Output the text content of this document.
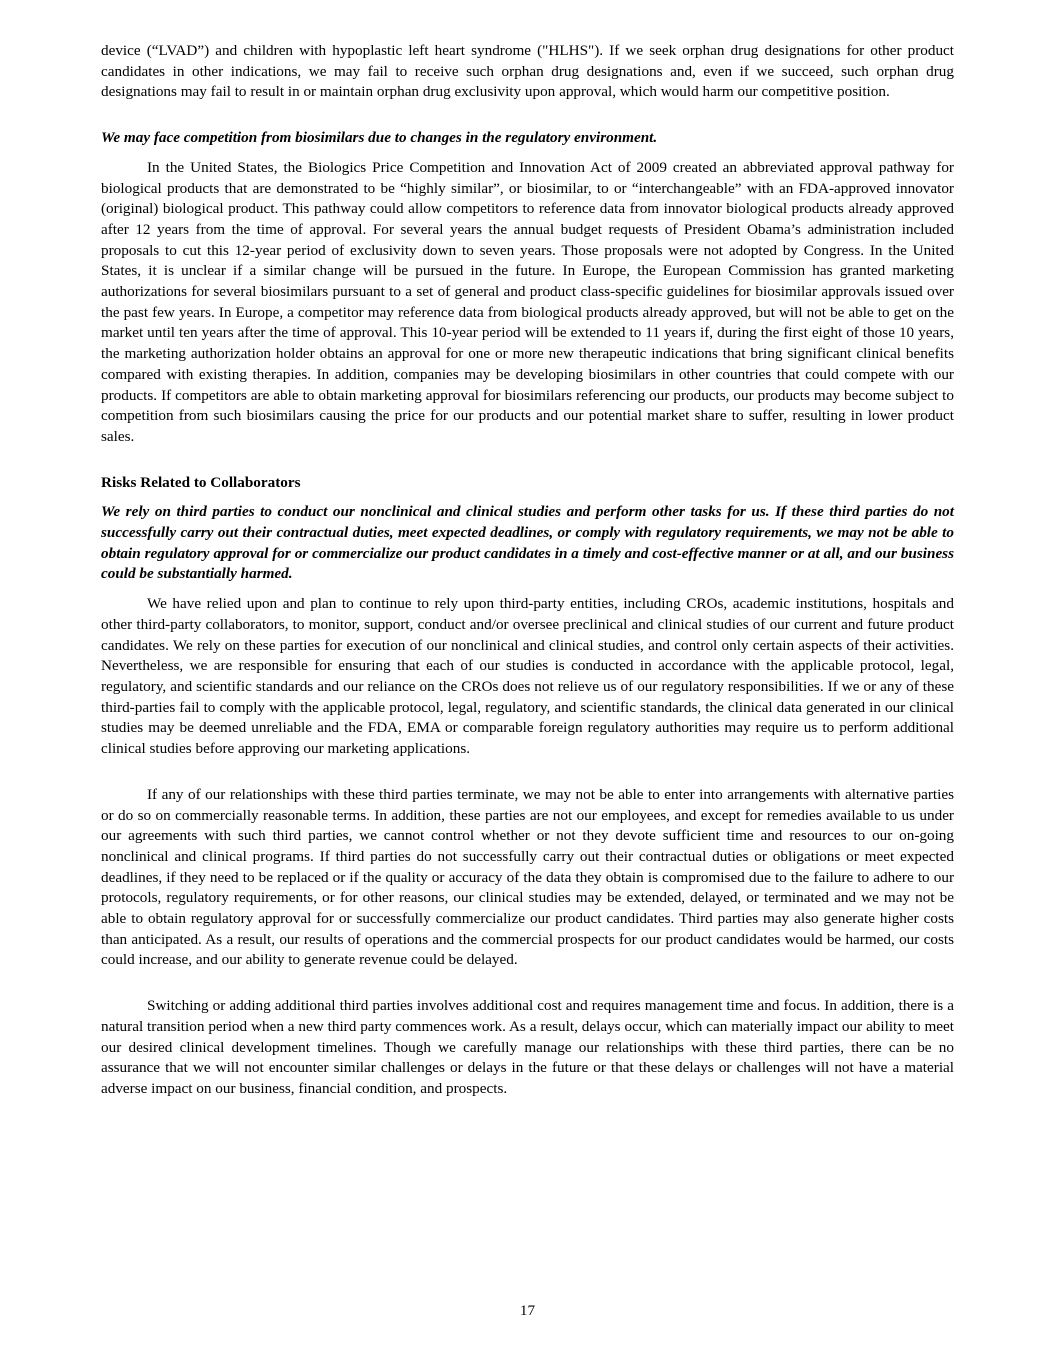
device (“LVAD”) and children with hypoplastic left heart syndrome ("HLHS"). If we seek orphan drug designations for other product candidates in other indications, we may fail to receive such orphan drug designations and, even if we succeed, such orphan drug designations may fail to result in or maintain orphan drug exclusivity upon approval, which would harm our competitive position.

We may face competition from biosimilars due to changes in the regulatory environment.

In the United States, the Biologics Price Competition and Innovation Act of 2009 created an abbreviated approval pathway for biological products that are demonstrated to be “highly similar”, or biosimilar, to or “interchangeable” with an FDA-approved innovator (original) biological product. This pathway could allow competitors to reference data from innovator biological products already approved after 12 years from the time of approval. For several years the annual budget requests of President Obama’s administration included proposals to cut this 12-year period of exclusivity down to seven years. Those proposals were not adopted by Congress. In the United States, it is unclear if a similar change will be pursued in the future. In Europe, the European Commission has granted marketing authorizations for several biosimilars pursuant to a set of general and product class-specific guidelines for biosimilar approvals issued over the past few years. In Europe, a competitor may reference data from biological products already approved, but will not be able to get on the market until ten years after the time of approval. This 10-year period will be extended to 11 years if, during the first eight of those 10 years, the marketing authorization holder obtains an approval for one or more new therapeutic indications that bring significant clinical benefits compared with existing therapies. In addition, companies may be developing biosimilars in other countries that could compete with our products. If competitors are able to obtain marketing approval for biosimilars referencing our products, our products may become subject to competition from such biosimilars causing the price for our products and our potential market share to suffer, resulting in lower product sales.

Risks Related to Collaborators

We rely on third parties to conduct our nonclinical and clinical studies and perform other tasks for us. If these third parties do not successfully carry out their contractual duties, meet expected deadlines, or comply with regulatory requirements, we may not be able to obtain regulatory approval for or commercialize our product candidates in a timely and cost-effective manner or at all, and our business could be substantially harmed.

We have relied upon and plan to continue to rely upon third-party entities, including CROs, academic institutions, hospitals and other third-party collaborators, to monitor, support, conduct and/or oversee preclinical and clinical studies of our current and future product candidates. We rely on these parties for execution of our nonclinical and clinical studies, and control only certain aspects of their activities. Nevertheless, we are responsible for ensuring that each of our studies is conducted in accordance with the applicable protocol, legal, regulatory, and scientific standards and our reliance on the CROs does not relieve us of our regulatory responsibilities. If we or any of these third-parties fail to comply with the applicable protocol, legal, regulatory, and scientific standards, the clinical data generated in our clinical studies may be deemed unreliable and the FDA, EMA or comparable foreign regulatory authorities may require us to perform additional clinical studies before approving our marketing applications.

If any of our relationships with these third parties terminate, we may not be able to enter into arrangements with alternative parties or do so on commercially reasonable terms. In addition, these parties are not our employees, and except for remedies available to us under our agreements with such third parties, we cannot control whether or not they devote sufficient time and resources to our on-going nonclinical and clinical programs. If third parties do not successfully carry out their contractual duties or obligations or meet expected deadlines, if they need to be replaced or if the quality or accuracy of the data they obtain is compromised due to the failure to adhere to our protocols, regulatory requirements, or for other reasons, our clinical studies may be extended, delayed, or terminated and we may not be able to obtain regulatory approval for or successfully commercialize our product candidates. Third parties may also generate higher costs than anticipated. As a result, our results of operations and the commercial prospects for our product candidates would be harmed, our costs could increase, and our ability to generate revenue could be delayed.

Switching or adding additional third parties involves additional cost and requires management time and focus. In addition, there is a natural transition period when a new third party commences work. As a result, delays occur, which can materially impact our ability to meet our desired clinical development timelines. Though we carefully manage our relationships with these third parties, there can be no assurance that we will not encounter similar challenges or delays in the future or that these delays or challenges will not have a material adverse impact on our business, financial condition, and prospects.

17
